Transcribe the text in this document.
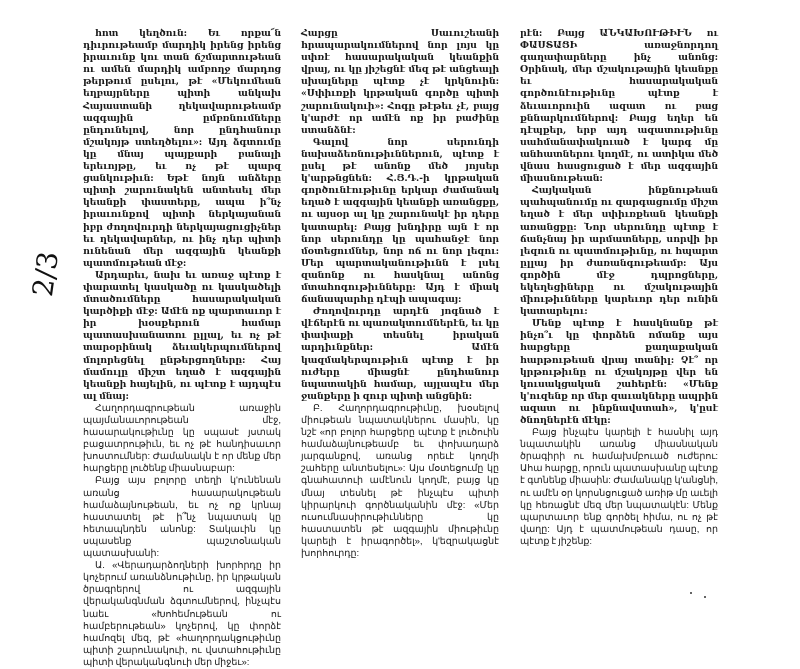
2/3

հոտ կեղծուն: Եւ որքա՜ն դիւրութեամբ մարդիկ իրենց իրենց իրաւունք կու տան ճշմարտութեան ու ամեն մարդիկ ամբողջ մարդոց թերթում ըսելու, թէ «Մեկումեան եղբայրները պիտի անկախ Հայաստանի ղեկավարութեամբ ազգային ըմբռնումները ընդունելով, նոր ընդհանուր մշակոյթ ստեղծելու»: Այդ ձգտումը կը մնայ պայքարի բանալի երեւոյթը, եւ ոչ թէ պարզ ցանկութիւն: Եթէ նոյն անձերը պիտի շարունակեն անտեսել մեր կեանքի փաստերը, ապա ի՞նչ իրաւունքով պիտի ներկայանան իբր ժողովուրդի ներկայացուցիչներ եւ ղեկավարներ, ու ինչ դեր պիտի ունենան մեր ազգային կեանքի պատմութեան մէջ:

Արդարեւ, նախ եւ առաջ պէտք է փարատել կասկածը ու կասկածելի մտածումները հասարակական կարծիքի մէջ: Ամէն ոք պարտաւոր է իր խօսքերուն համար պատասխանատու ըլլալ, եւ ոչ թէ տարօրինակ ձեւակերպումներով մոլորեցնել ընթերցողները: Հայ մամուլը միշտ եղած է ազգային կեանքի հայելին, ու պէտք է այդպէս ալ մնայ:

Հաղորդագրութեան առաջին պայմանաւորութեան մէջ, հասարակութիւնը կը սպասէ յստակ բացատրութիւն, եւ ոչ թէ հանդիսաւոր խոստումներ: Ժամանակն է որ մենք մեր հարցերը լուծենք միասնաբար:

Բայց այս բոլորը տեղի կ'ունենան առանց հասարակութեան համաձայնութեան, եւ ոչ ոք կրնայ հաստատել թէ ի՞նչ նպատակ կը հետապնդեն անոնք: Տակաւին կը սպասենք պաշտօնական պատասխանի:

Ա. «Վերադարձողների խորհրդը իր կոչերում առանձնութիւնը, իր կրթական ծրագրերով ու ազգային վերականգնման ձգտումներով, ինչպէս նաեւ «Խոհեմութեան ու համբերութեան» կոչերով, կը փորձէ համոզել մեզ, թէ «հաղորդակցութիւնը պիտի շարունակուի, ու վստահութիւնը պիտի վերականգնուի մեր միջեւ»:

Հարցը Սաւուշեանի հրապարակումներով նոր լոյս կը սփռէ հասարակական կեանքին վրայ, ու կը յիշեցնէ մեզ թէ անցեալի սխալները պէտք չէ կրկնուին: «Սփիւռքի կրթական գործը պիտի շարունակուի»: Հոգը թէթեւ չէ, բայց կ'արժէ որ ամէն ոք իր բաժինը ստանձնէ:

Գալով նոր սերունդի նախաձեռնութիւններուն, պէտք է ըսել թէ անոնք մեծ յոյսեր կ'արթնցնեն: Հ.Յ.Դ.-ի կրթական գործունէութիւնը երկար ժամանակ եղած է ազգային կեանքի առանցքը, ու այսօր ալ կը շարունակէ իր դերը կատարել: Բայց խնդիրը այն է որ նոր սերունդը կը պահանջէ նոր մօտեցումներ, նոր ոճ ու նոր լեզու: Մեր պարտականութիւնն է լսել զանոնք ու հասկնալ անոնց մտահոգութիւնները: Այդ է միակ ճանապարհը դէպի ապագայ:

Ժողովուրդը արդէն յոգնած է վէճերէն ու պառակտումներէն, եւ կը փափաքի տեսնել իրական արդիւնքներ: Ամէն կազմակերպութիւն պէտք է իր ուժերը միացնէ ընդհանուր նպատակին համար, այլապէս մեր ջանքերը ի զուր պիտի անցնին:

Բ. Հաղորդագրութիւնը, խօսելով միութեան նպատակներու մասին, կը նշէ «որ բոլոր հարցերը պէտք է լուծուին համաձայնութեամբ եւ փոխադարձ յարգանքով, առանց որեւէ կողմի շահերը անտեսելու»: Այս մօտեցումը կը գնահատուի ամէնուն կողմէ, բայց կը մնայ տեսնել թէ ինչպէս պիտի կիրարկուի գործնականին մէջ: «Մեր ուսումնասիրութիւնները կը հաստատեն թէ ազգային միութիւնը կարելի է իրագործել», կ'եզրակացնէ խորհուրդը:

րէն: Բայց ԱՆԿԱԽՈՒԹԻՒՆ ու ՓԱՍՏԱՑԻ առաջնորդող գաղափարները ինչ անոնց: Օրինակ, մեր մշակութային կեանքը եւ հասարակական գործունէութիւնը պէտք է ձեւաւորուին ազատ ու բաց քննարկումներով: Բայց եղեր են դէպքեր, երբ այդ ազատութիւնը սահմանափակուած է կարգ մը անհատներու կողմէ, ու ատիկա մեծ վնաս հասցուցած է մեր ազգային միասնութեան:

Հայկական ինքնութեան պահպանումը ու զարգացումը միշտ եղած է մեր սփիւռքեան կեանքի առանցքը: Նոր սերունդը պէտք է ճանչնայ իր արմատները, սորվի իր լեզուն ու պատմութիւնը, ու հպարտ ըլլայ իր ժառանգութեամբ: Այս գործին մէջ դպրոցները, եկեղեցիները ու մշակութային միութիւնները կարեւոր դեր ունին կատարելու:

Մենք պէտք է հասկնանք թէ ինչո՞ւ կը փորձեն ոմանք այս հարցերը քաղաքական հարթութեան վրայ տանիլ: Չէ՞ որ կրթութիւնը ու մշակոյթը վեր են կուսակցական շահերէն: «Մենք կ'ուզենք որ մեր զաւակները ապրին ազատ ու ինքնավստահ», կ'ըսէ ծնողներէն մէկը:

Բայց ինչպէս կարելի է հասնիլ այդ նպատակին առանց միասնական ծրագիրի ու համախմբուած ուժերու: Ահա հարցը, որուն պատասխանը պէտք է գտնենք միասին: Ժամանակը կ'անցնի, ու ամէն օր կորսնցուցած առիթ մը աւելի կը հեռացնէ մեզ մեր նպատակէն: Մենք պարտաւոր ենք գործել հիմա, ու ոչ թէ վաղը: Այդ է պատմութեան դասը, որ պէտք է յիշենք:
